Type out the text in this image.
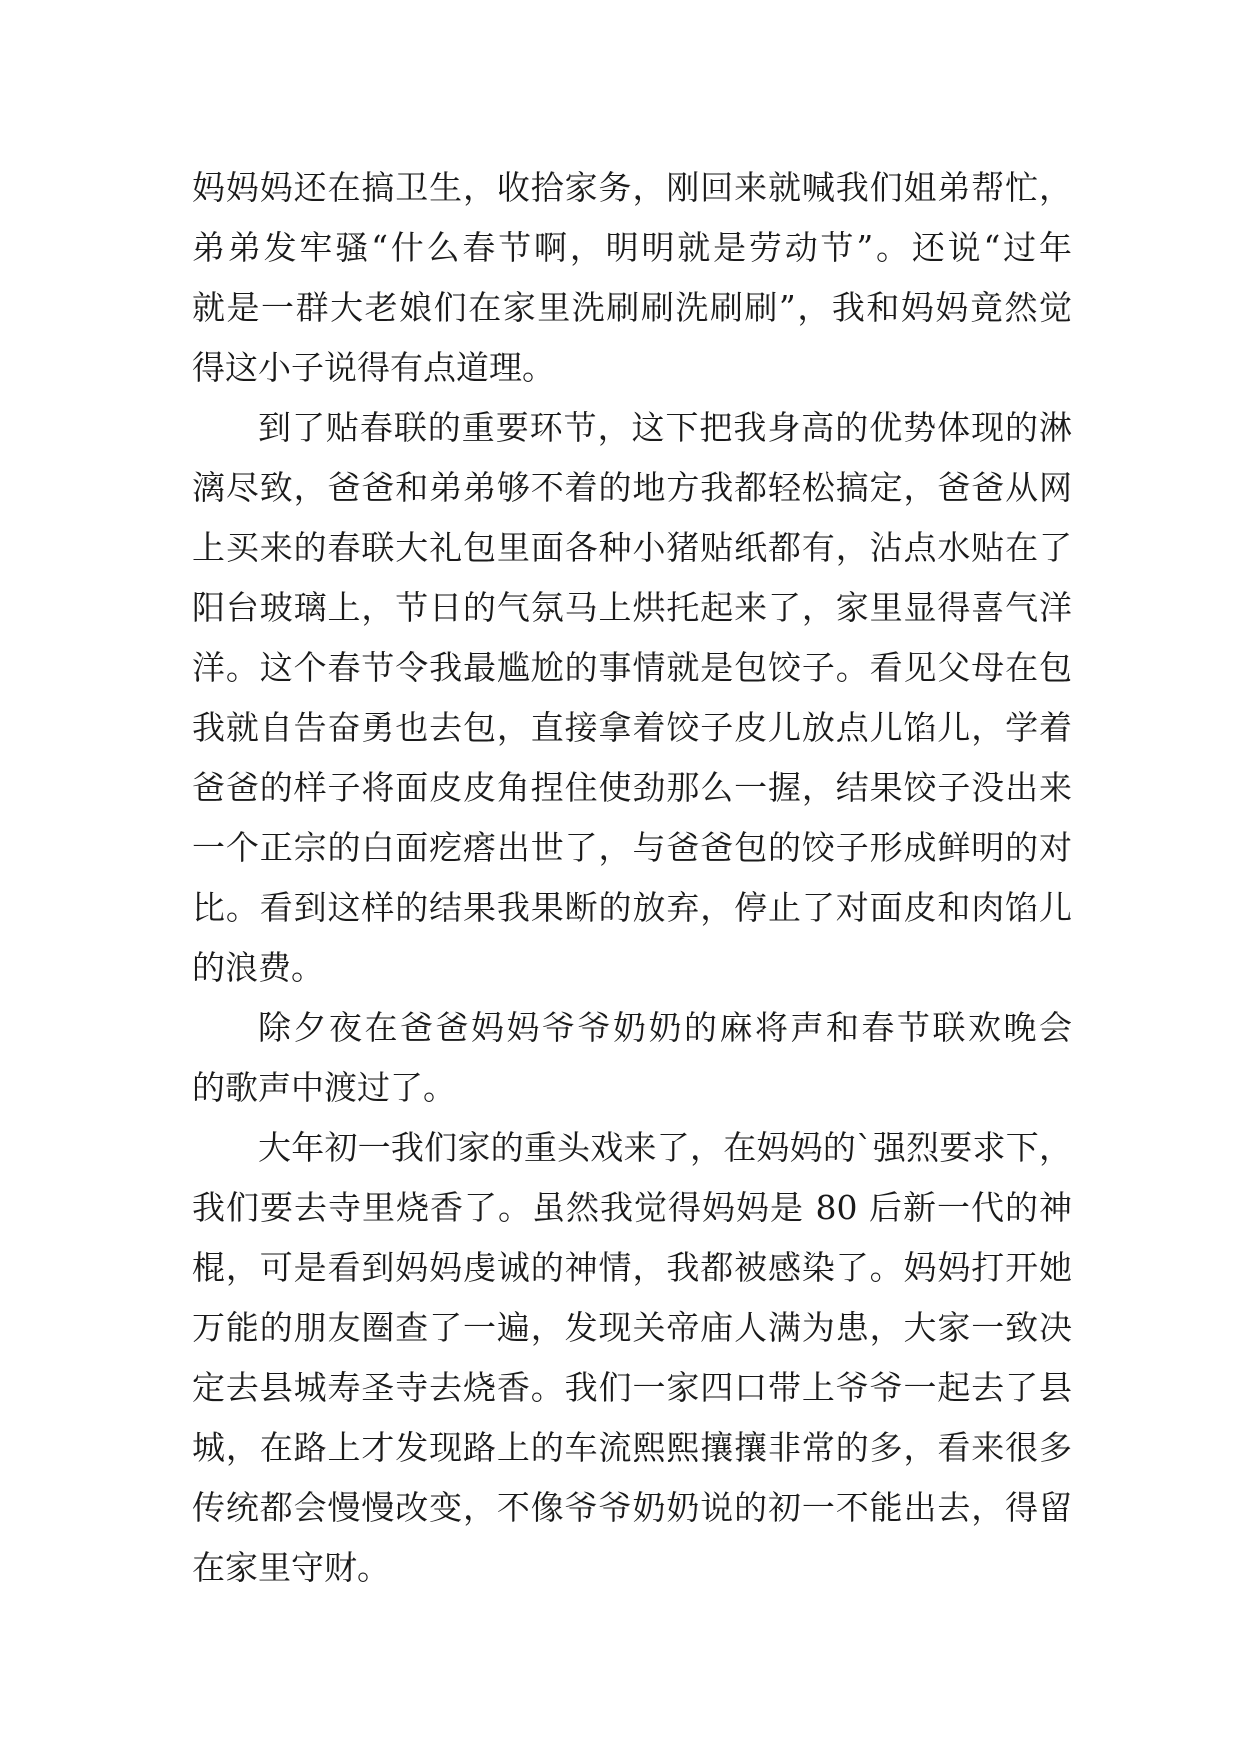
妈妈妈还在搞卫生，收拾家务，刚回来就喊我们姐弟帮忙，
弟弟发牢骚“什么春节啊，明明就是劳动节”。还说“过年
就是一群大老娘们在家里洗刷刷洗刷刷”，我和妈妈竟然觉
得这小子说得有点道理。
到了贴春联的重要环节，这下把我身高的优势体现的淋
漓尽致，爸爸和弟弟够不着的地方我都轻松搞定，爸爸从网
上买来的春联大礼包里面各种小猪贴纸都有，沾点水贴在了
阳台玻璃上，节日的气氛马上烘托起来了，家里显得喜气洋
洋。这个春节令我最尴尬的事情就是包饺子。看见父母在包
我就自告奋勇也去包，直接拿着饺子皮儿放点儿馅儿，学着
爸爸的样子将面皮皮角捏住使劲那么一握，结果饺子没出来
一个正宗的白面疙瘩出世了，与爸爸包的饺子形成鲜明的对
比。看到这样的结果我果断的放弃，停止了对面皮和肉馅儿
的浪费。
除夕夜在爸爸妈妈爷爷奶奶的麻将声和春节联欢晚会
的歌声中渡过了。
大年初一我们家的重头戏来了，在妈妈的`强烈要求下，
我们要去寺里烧香了。虽然我觉得妈妈是 80 后新一代的神
棍，可是看到妈妈虔诚的神情，我都被感染了。妈妈打开她
万能的朋友圈查了一遍，发现关帝庙人满为患，大家一致决
定去县城寿圣寺去烧香。我们一家四口带上爷爷一起去了县
城，在路上才发现路上的车流熙熙攘攘非常的多，看来很多
传统都会慢慢改变，不像爷爷奶奶说的初一不能出去，得留
在家里守财。
